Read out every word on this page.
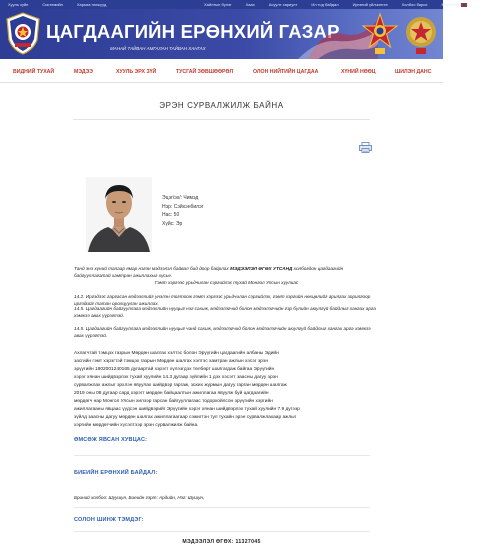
Хууль зүйн	Системийн	Харьяа нэгжүүд	Хайлтын бүлэг	Хаах	Асуулт хариулт	Ил тод байдал	Иргэний үйлчилгээ	Холбоо барих	ENGLISH
ЦАГДААГИЙН ЕРӨНХИЙ ГАЗАР
МАНАЙ ТАЙВАН АМГАЛАН ТАЙВАН ХАНГАХ
ВИДНИЙ ТУХАЙ	МЭДЭЭ	ХУУЛЬ ЭРХ ЗҮЙ	ТУСГАЙ ЗӨВШӨӨРӨЛ	ОЛОН НИЙТИЙН ЦАГДАА	ХҮНИЙ НӨӨЦ	ШИЛЭН ДАНС
ЭРЭН СУРВАЛЖИЛЖ БАЙНА
Эцэг/эх/: Чимэд
Нэр: Сэйхэнбилэг
Нас: 50
Хүйс: Эр
Танд энэ хүний талаар ямар нэгэн мэдээлэл байвал бид доор байрлах МЭДЭЭЛЭЛ ӨГӨХ УТСАНД холбогдон цагдаагийн
байгууллагатай хамтран ажиллахыг хүсье.
Гэмт хэргээс урьдчилан сэргийлэх тухай Монгол Улсын хуулиас
14.2. Иргэдээс гаргасан мэдээллийг үнэлэн тогтоож гэмт хэргээс урьдчилан сэргийлэх, гэмт хэргийн нөхцөлийг арилгах зорилгоор иргэдийг татан оролцуулан ажиллах.
14.5. Цагдаагийн байгууллага мэдээллийн нууцыг нэг сахиж, мэдээлэгчид болон мэдээлэгчийн гэр бүлийн аюулгүй байдлыг хангах арга хэмжээ авах үүрэгтэй.
14.5. Цагдаагийн байгууллага мэдээллийн нууцыг чанд сахиж, мэдээлэгчид болон мэдээлэгчийн аюулгүй байдлыг хангах арга хэмжээ авах үүрэгтэй.
Ахлагчтай тэмцэх газрын Мөрдөн шалгах хэлтэс болон Эрүүгийн цагдаагийн албаны Эдийн
засгийн гэмт хэрэгтэй тэмцэх газрын Мөрдөн шалгах хэлтэс хамтран ажлын хэсэг эрэн
эрүүгийн 1802001240165 дугаартай хэрэгт хүлээгдэх төлбөрт шалгагдаж байгаа Эрүүгийн
хэрэг хянан шийдвэрлэх тухай хуулийн 14.3 дугаар зүйлийн 1 дэх хэсэгт заасны дагуу эрэн
сурвалжлах ажлыг эрхлэн явуулах шийдвэр гаргаж, зохих журмын дагуу гарган мөрдөн шалгаж
2019 оны 08 дугаар сард хэрэгт мөрдөн байцаалтын ажиллагаа явуулж буй цагдаагийн
мөрдөгч нар Монгол Улсын хилээр гарсан байгууллагаас тодорхойлсон эрүүгийн хэргийн
ажиллагааны явцаас үүдсэн шийдвэрийг Эрүүгийн хэрэг хянан шийдвэрлэх тухай хуулийн 7.9 дүгээр
зүйлд заасны дагуу мөрдөн шалгах ажиллагаагаар сэжигтэн тул тухайн эрэн сурвалжлахаар ажлыг
хэргийн мөрдөгчийн хүсэлтээр эрэн сурвалжилж байна.
ӨМСӨЖ ЯВСАН ХУВЦАС:
БИЕИЙН ЕРӨНХИЙ БАЙДАЛ:
Бриний холбоо: Шуушун, Биеийн гэрт: Ардийн, Нэг: Шушун,
СОЛОН ШИНЖ ТЭМДЭГ:
МЭДЭЭЛЭЛ ӨГӨХ: 11327045
